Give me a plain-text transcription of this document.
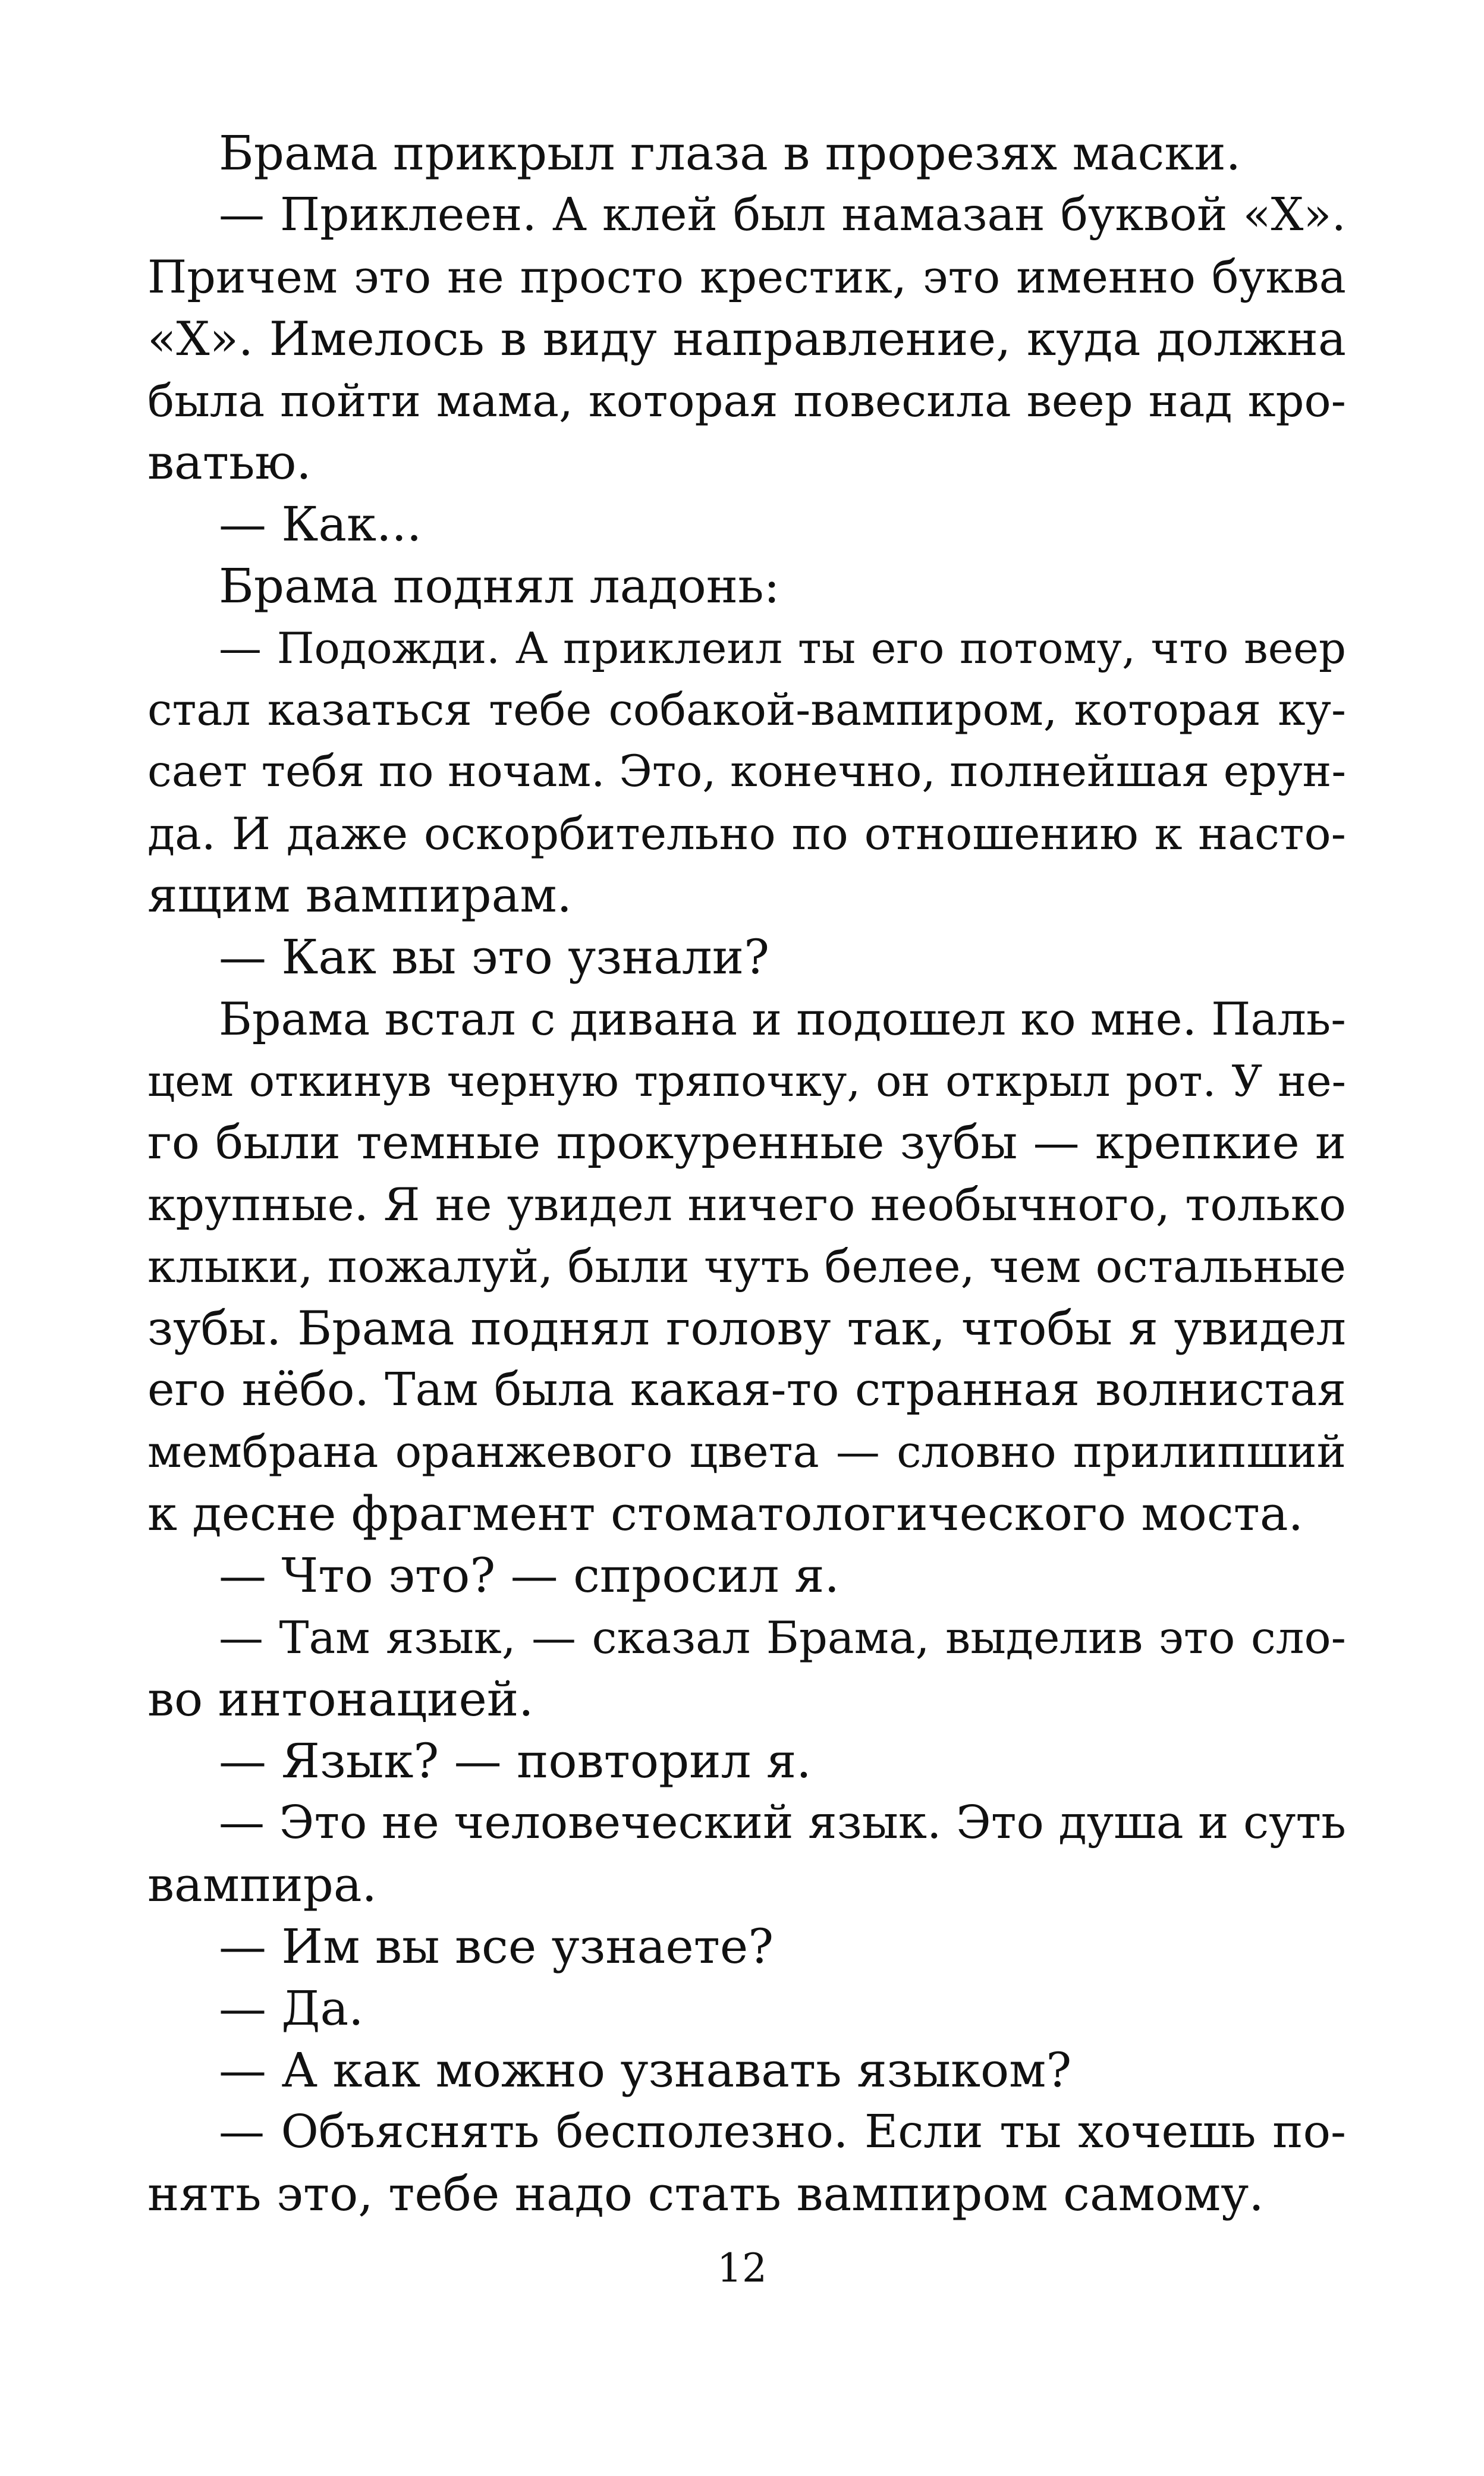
Брама прикрыл глаза в прорезях маски.
— Приклеен. А клей был намазан буквой «Х».
Причем это не просто крестик, это именно буква
«Х». Имелось в виду направление, куда должна
была пойти мама, которая повесила веер над кро-
ватью.
— Как...
Брама поднял ладонь:
— Подожди. А приклеил ты его потому, что веер
стал казаться тебе собакой-вампиром, которая ку-
сает тебя по ночам. Это, конечно, полнейшая ерун-
да. И даже оскорбительно по отношению к насто-
ящим вампирам.
— Как вы это узнали?
Брама встал с дивана и подошел ко мне. Паль-
цем откинув черную тряпочку, он открыл рот. У не-
го были темные прокуренные зубы — крепкие и
крупные. Я не увидел ничего необычного, только
клыки, пожалуй, были чуть белее, чем остальные
зубы. Брама поднял голову так, чтобы я увидел
его нёбо. Там была какая-то странная волнистая
мембрана оранжевого цвета — словно прилипший
к десне фрагмент стоматологического моста.
— Что это? — спросил я.
— Там язык, — сказал Брама, выделив это сло-
во интонацией.
— Язык? — повторил я.
— Это не человеческий язык. Это душа и суть
вампира.
— Им вы все узнаете?
— Да.
— А как можно узнавать языком?
— Объяснять бесполезно. Если ты хочешь по-
нять это, тебе надо стать вампиром самому.
12
